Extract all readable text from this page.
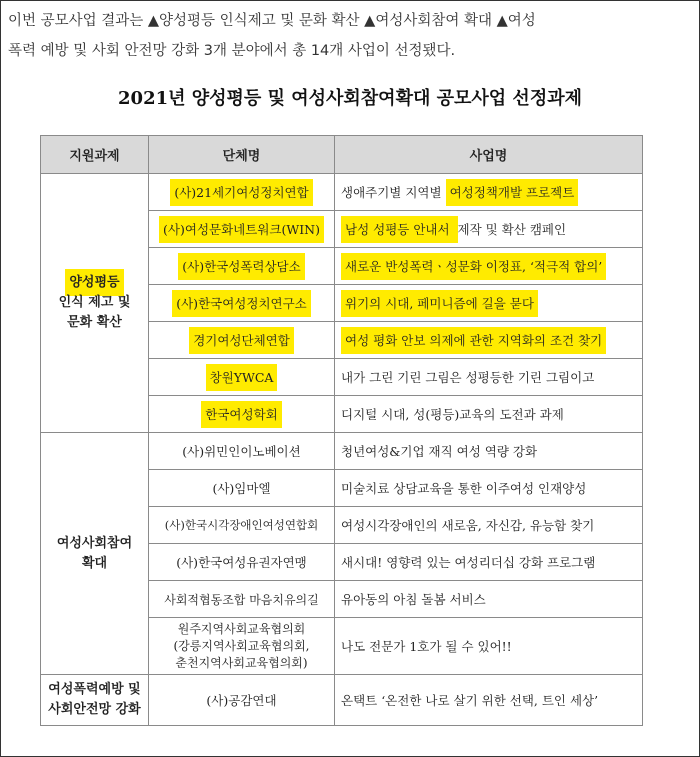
이번 공모사업 결과는 ▲양성평등 인식제고 및 문화 확산 ▲여성사회참여 확대 ▲여성
폭력 예방 및 사회 안전망 강화 3개 분야에서 총 14개 사업이 선정됐다.
2021년 양성평등 및 여성사회참여확대 공모사업 선정과제
지원과제	단체명	사업명
양성평등
인식 제고 및
문화 확산	(사)21세기여성정치연합	생애주기별 지역별 여성정책개발 프로젝트
	(사)여성문화네트워크(WIN)	남성 성평등 안내서 제작 및 확산 캠페인
	(사)한국성폭력상담소	새로운 반성폭력ㆍ성문화 이정표, ‘적극적 합의’
	(사)한국여성정치연구소	위기의 시대, 페미니즘에 길을 묻다
	경기여성단체연합	여성 평화 안보 의제에 관한 지역화의 조건 찾기
	창원YWCA	내가 그린 기린 그림은 성평등한 기린 그림이고
	한국여성학회	디지털 시대, 성(평등)교육의 도전과 과제
여성사회참여
확대	(사)위민인이노베이션	청년여성&기업 재직 여성 역량 강화
	(사)임마엘	미술치료 상담교육을 통한 이주여성 인재양성
	(사)한국시각장애인여성연합회	여성시각장애인의 새로움, 자신감, 유능함 찾기
	(사)한국여성유권자연맹	새시대! 영향력 있는 여성리더십 강화 프로그램
	사회적협동조합 마음치유의길	유아동의 아침 돌봄 서비스
	원주지역사회교육협의회
(강릉지역사회교육협의회,
춘천지역사회교육협의회)	나도 전문가 1호가 될 수 있어!!
여성폭력예방 및
사회안전망 강화	(사)공감연대	온택트 ‘온전한 나로 살기 위한 선택, 트인 세상’
